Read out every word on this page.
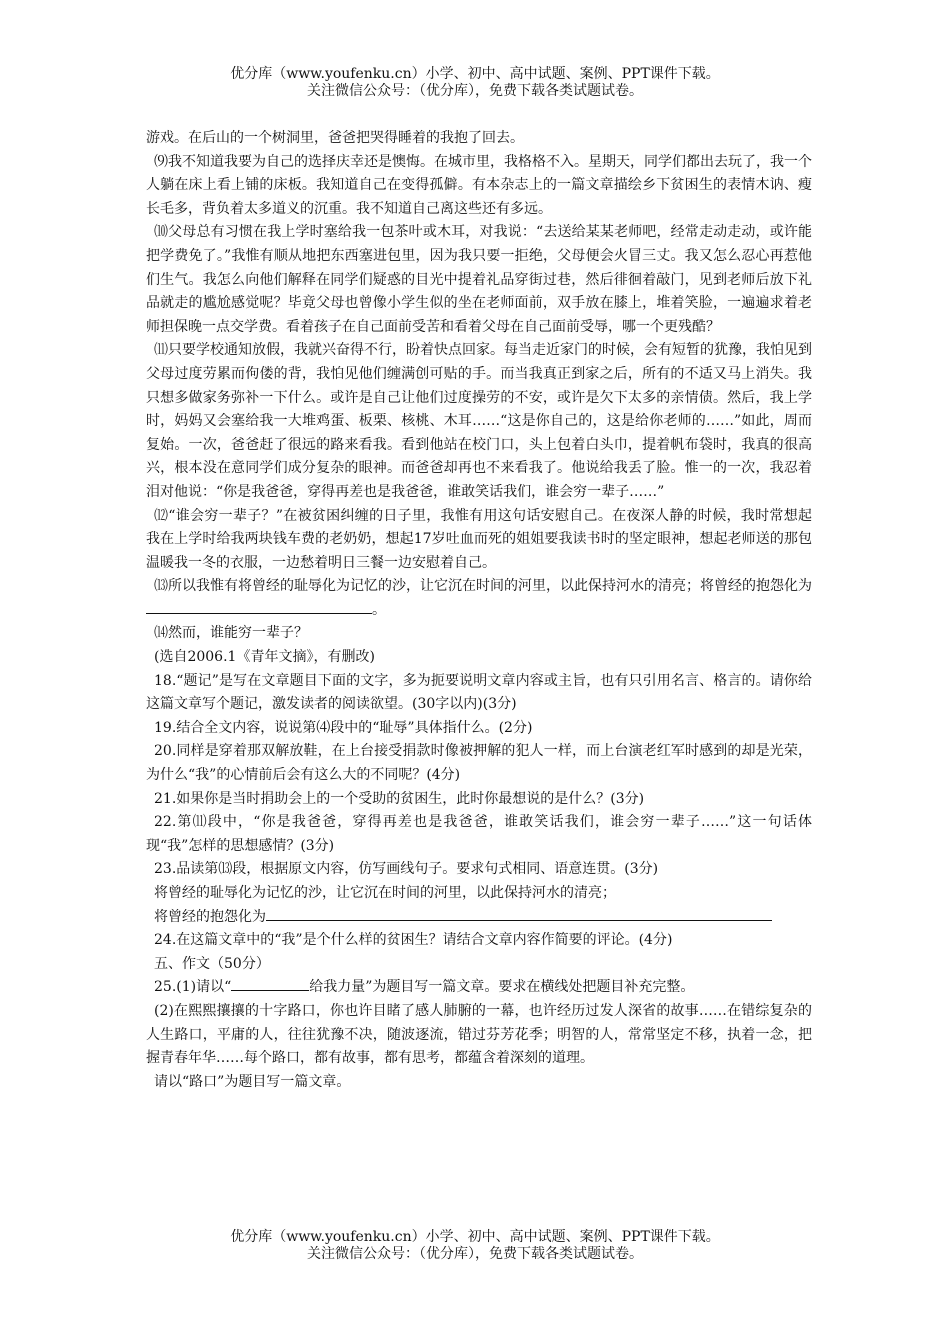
优分库（www.youfenku.cn）小学、初中、高中试题、案例、PPT课件下载。
关注微信公众号：（优分库），免费下载各类试题试卷。

游戏。在后山的一个树洞里，爸爸把哭得睡着的我抱了回去。

⑼我不知道我要为自己的选择庆幸还是懊悔。在城市里，我格格不入。星期天，同学们都出去玩了，我一个人躺在床上看上铺的床板。我知道自己在变得孤僻。有本杂志上的一篇文章描绘乡下贫困生的表情木讷、瘦长毛多，背负着太多道义的沉重。我不知道自己离这些还有多远。

⑽父母总有习惯在我上学时塞给我一包茶叶或木耳，对我说：“去送给某某老师吧，经常走动走动，或许能把学费免了。”我惟有顺从地把东西塞进包里，因为我只要一拒绝，父母便会火冒三丈。我又怎么忍心再惹他们生气。我怎么向他们解释在同学们疑惑的目光中提着礼品穿街过巷，然后徘徊着敲门，见到老师后放下礼品就走的尴尬感觉呢？毕竟父母也曾像小学生似的坐在老师面前，双手放在膝上，堆着笑脸，一遍遍求着老师担保晚一点交学费。看着孩子在自己面前受苦和看着父母在自己面前受辱，哪一个更残酷？

⑾只要学校通知放假，我就兴奋得不行，盼着快点回家。每当走近家门的时候，会有短暂的犹豫，我怕见到父母过度劳累而佝偻的背，我怕见他们缠满创可贴的手。而当我真正到家之后，所有的不适又马上消失。我只想多做家务弥补一下什么。或许是自己让他们过度操劳的不安，或许是欠下太多的亲情债。然后，我上学时，妈妈又会塞给我一大堆鸡蛋、板栗、核桃、木耳……“这是你自己的，这是给你老师的……”如此，周而复始。一次，爸爸赶了很远的路来看我。看到他站在校门口，头上包着白头巾，提着帆布袋时，我真的很高兴，根本没在意同学们成分复杂的眼神。而爸爸却再也不来看我了。他说给我丢了脸。惟一的一次，我忍着泪对他说：“你是我爸爸，穿得再差也是我爸爸，谁敢笑话我们，谁会穷一辈子……”

⑿“谁会穷一辈子？”在被贫困纠缠的日子里，我惟有用这句话安慰自己。在夜深人静的时候，我时常想起我在上学时给我两块钱车费的老奶奶，想起17岁吐血而死的姐姐要我读书时的坚定眼神，想起老师送的那包温暖我一冬的衣服，一边愁着明日三餐一边安慰着自己。

⒀所以我惟有将曾经的耻辱化为记忆的沙，让它沉在时间的河里，以此保持河水的清亮；将曾经的抱怨化为。

⒁然而，谁能穷一辈子？

(选自2006.1《青年文摘》，有删改)

18.“题记”是写在文章题目下面的文字，多为扼要说明文章内容或主旨，也有只引用名言、格言的。请你给这篇文章写个题记，激发读者的阅读欲望。(30字以内)(3分)

19.结合全文内容，说说第⑷段中的“耻辱”具体指什么。(2分)

20.同样是穿着那双解放鞋，在上台接受捐款时像被押解的犯人一样，而上台演老红军时感到的却是光荣，为什么“我”的心情前后会有这么大的不同呢？(4分)

21.如果你是当时捐助会上的一个受助的贫困生，此时你最想说的是什么？(3分)

22.第⑾段中，“你是我爸爸，穿得再差也是我爸爸，谁敢笑话我们，谁会穷一辈子……”这一句话体现“我”怎样的思想感情？(3分)

23.品读第⒀段，根据原文内容，仿写画线句子。要求句式相同、语意连贯。(3分)

将曾经的耻辱化为记忆的沙，让它沉在时间的河里，以此保持河水的清亮；

将曾经的抱怨化为

24.在这篇文章中的“我”是个什么样的贫困生？请结合文章内容作简要的评论。(4分)

五、作文（50分）

25.(1)请以“	给我力量”为题目写一篇文章。要求在横线处把题目补充完整。

(2)在熙熙攘攘的十字路口，你也许目睹了感人肺腑的一幕，也许经历过发人深省的故事……在错综复杂的人生路口，平庸的人，往往犹豫不决，随波逐流，错过芬芳花季；明智的人，常常坚定不移，执着一念，把握青春年华……每个路口，都有故事，都有思考，都蕴含着深刻的道理。

请以“路口”为题目写一篇文章。

优分库（www.youfenku.cn）小学、初中、高中试题、案例、PPT课件下载。
关注微信公众号：（优分库），免费下载各类试题试卷。
